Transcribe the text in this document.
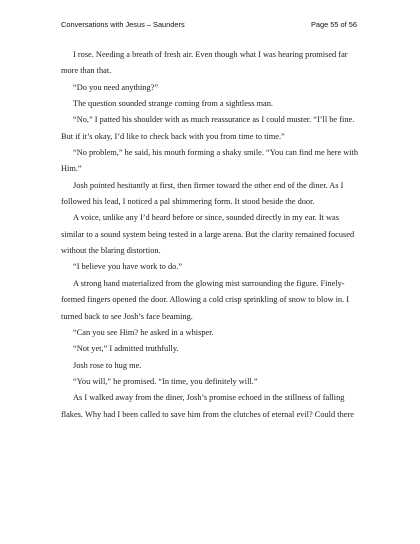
Conversations with Jesus – Saunders	Page 55 of 56

I rose. Needing a breath of fresh air. Even though what I was hearing promised far

more than that.

“Do you need anything?”

The question sounded strange coming from a sightless man.

“No,” I patted his shoulder with as much reassurance as I could muster. “I’ll be fine.

But if it’s okay, I’d like to check back with you from time to time.”

“No problem,” he said, his mouth forming a shaky smile. “You can find me here with

Him.”

Josh pointed hesitantly at first, then firmer toward the other end of the diner. As I

followed his lead, I noticed a pal shimmering form. It stood beside the door.

A voice, unlike any I’d heard before or since, sounded directly in my ear. It was

similar to a sound system being tested in a large arena. But the clarity remained focused

without the blaring distortion.

“I believe you have work to do.”

A strong hand materialized from the glowing mist surrounding the figure. Finely-

formed fingers opened the door. Allowing a cold crisp sprinkling of snow to blow in. I

turned back to see Josh’s face beaming.

“Can you see Him? he asked in a whisper.

“Not yet,” I admitted truthfully.

Josh rose to hug me.

“You will,” he promised. “In time, you definitely will.”

As I walked away from the diner, Josh’s promise echoed in the stillness of falling

flakes. Why had I been called to save him from the clutches of eternal evil? Could there
